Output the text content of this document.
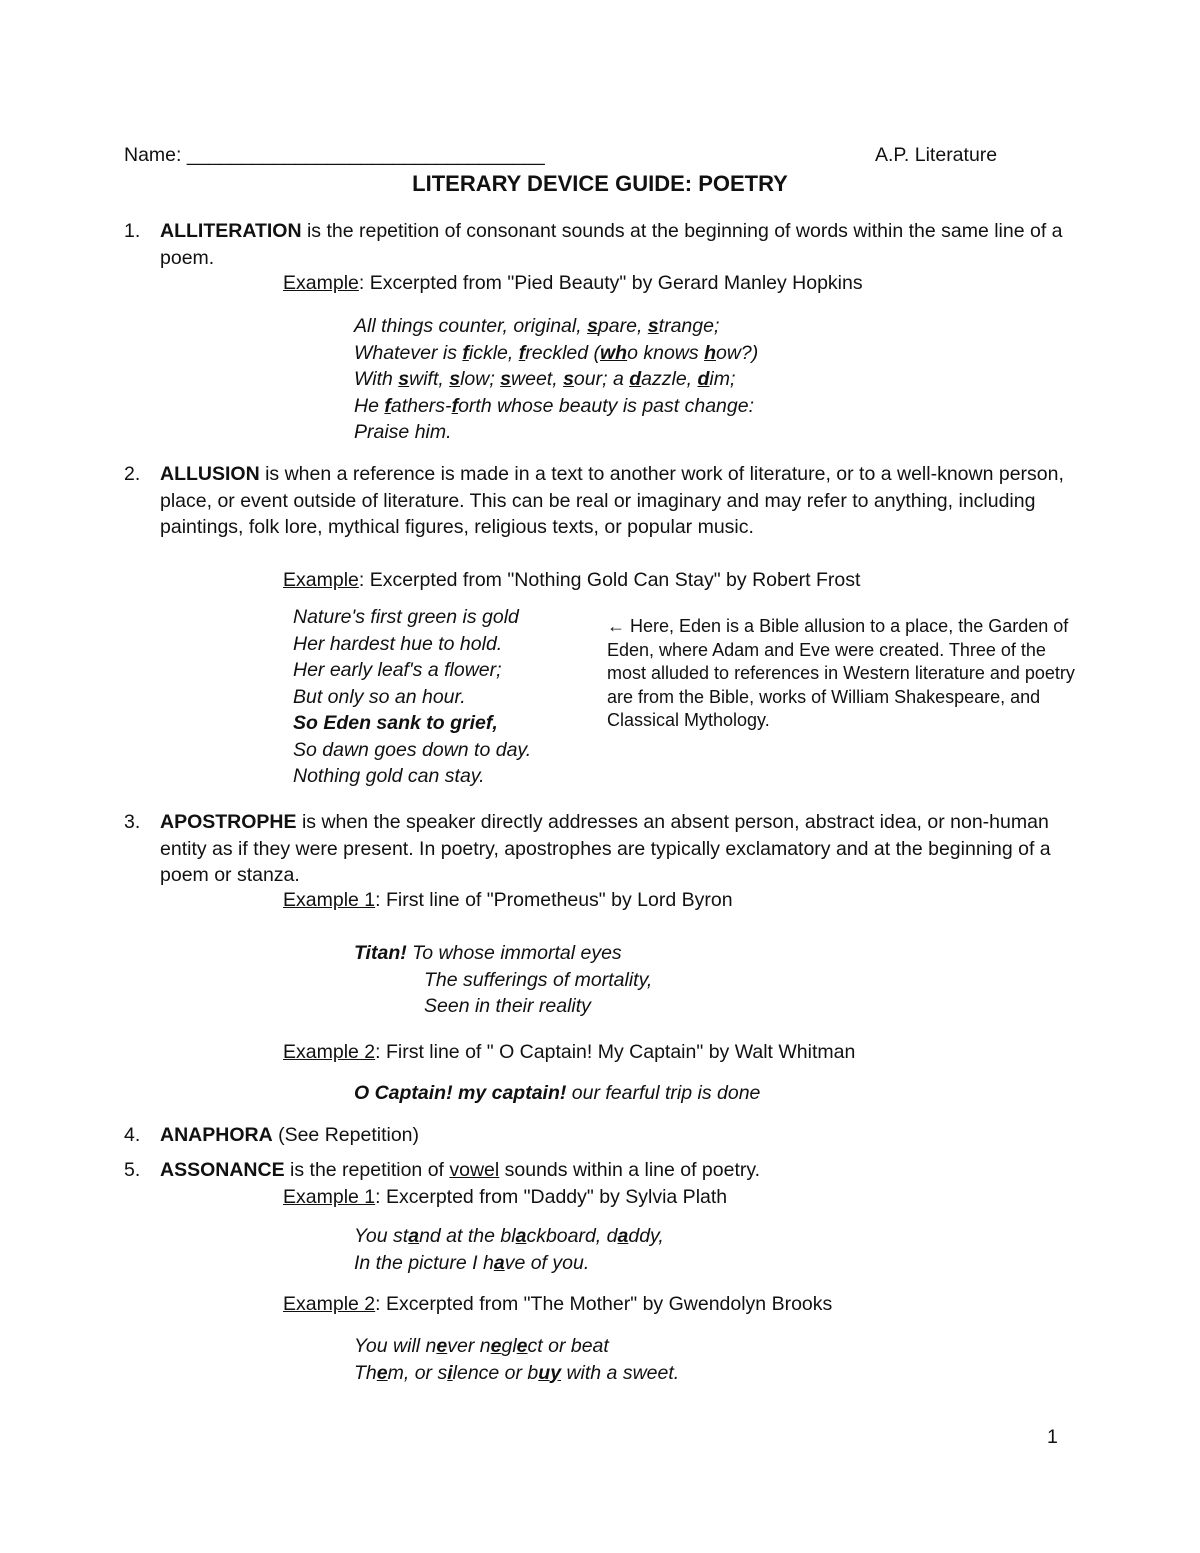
Name: _________________________________	A.P. Literature
LITERARY DEVICE GUIDE: POETRY
1. ALLITERATION is the repetition of consonant sounds at the beginning of words within the same line of a poem.
Example: Excerpted from "Pied Beauty" by Gerard Manley Hopkins
All things counter, original, spare, strange;
Whatever is fickle, freckled (who knows how?)
With swift, slow; sweet, sour; a dazzle, dim;
He fathers-forth whose beauty is past change:
Praise him.
2. ALLUSION is when a reference is made in a text to another work of literature, or to a well-known person, place, or event outside of literature. This can be real or imaginary and may refer to anything, including paintings, folk lore, mythical figures, religious texts, or popular music.
Example: Excerpted from "Nothing Gold Can Stay" by Robert Frost
Nature's first green is gold
Her hardest hue to hold.
Her early leaf's a flower;
But only so an hour.
So Eden sank to grief,
So dawn goes down to day.
Nothing gold can stay.
← Here, Eden is a Bible allusion to a place, the Garden of Eden, where Adam and Eve were created. Three of the most alluded to references in Western literature and poetry are from the Bible, works of William Shakespeare, and Classical Mythology.
3. APOSTROPHE is when the speaker directly addresses an absent person, abstract idea, or non-human entity as if they were present. In poetry, apostrophes are typically exclamatory and at the beginning of a poem or stanza.
Example 1: First line of "Prometheus" by Lord Byron
Titan! To whose immortal eyes
The sufferings of mortality,
Seen in their reality
Example 2: First line of " O Captain! My Captain" by Walt Whitman
O Captain! my captain! our fearful trip is done
4. ANAPHORA (See Repetition)
5. ASSONANCE is the repetition of vowel sounds within a line of poetry.
Example 1: Excerpted from "Daddy" by Sylvia Plath
You stand at the blackboard, daddy,
In the picture I have of you.
Example 2: Excerpted from "The Mother" by Gwendolyn Brooks
You will never neglect or beat
Them, or silence or buy with a sweet.
1
